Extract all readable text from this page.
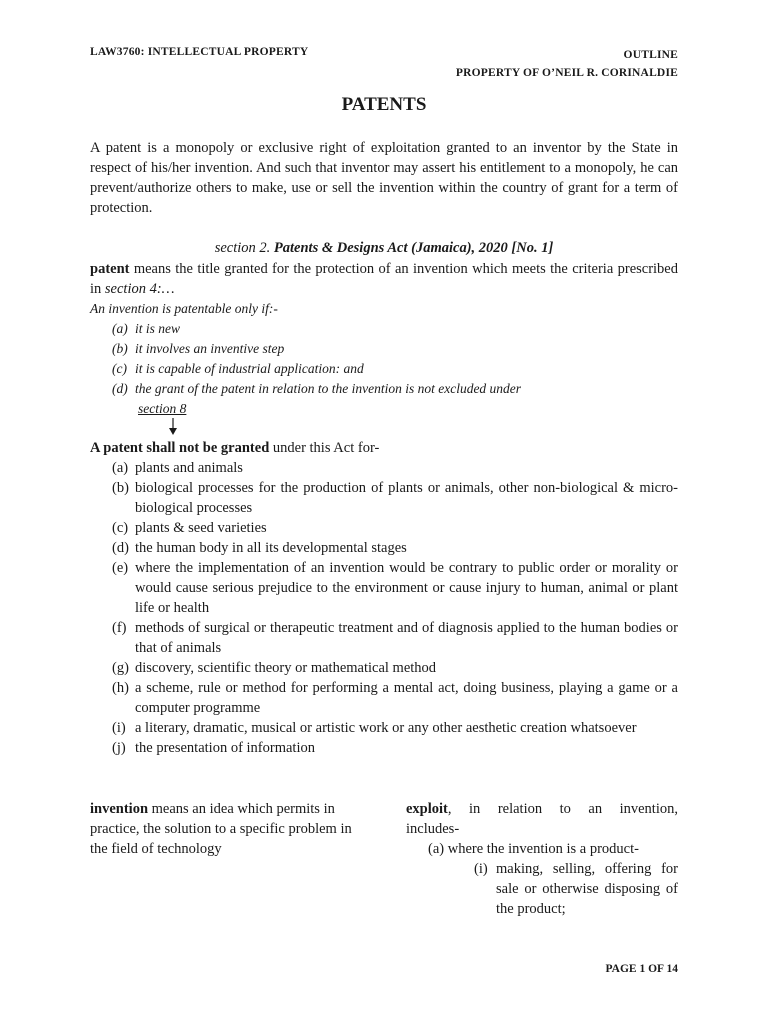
LAW3760: INTELLECTUAL PROPERTY	OUTLINE
PROPERTY OF O’NEIL R. CORINALDIE
PATENTS
A patent is a monopoly or exclusive right of exploitation granted to an inventor by the State in respect of his/her invention. And such that inventor may assert his entitlement to a monopoly, he can prevent/authorize others to make, use or sell the invention within the country of grant for a term of protection.
section 2. Patents & Designs Act (Jamaica), 2020 [No. 1]
patent means the title granted for the protection of an invention which meets the criteria prescribed in section 4:…
An invention is patentable only if:-
(a) it is new
(b) it involves an inventive step
(c) it is capable of industrial application: and
(d) the grant of the patent in relation to the invention is not excluded under
section 8
A patent shall not be granted under this Act for-
(a) plants and animals
(b) biological processes for the production of plants or animals, other non-biological & micro-biological processes
(c) plants & seed varieties
(d) the human body in all its developmental stages
(e) where the implementation of an invention would be contrary to public order or morality or would cause serious prejudice to the environment or cause injury to human, animal or plant life or health
(f) methods of surgical or therapeutic treatment and of diagnosis applied to the human bodies or that of animals
(g) discovery, scientific theory or mathematical method
(h) a scheme, rule or method for performing a mental act, doing business, playing a game or a computer programme
(i) a literary, dramatic, musical or artistic work or any other aesthetic creation whatsoever
(j) the presentation of information
invention means an idea which permits in practice, the solution to a specific problem in the field of technology
exploit, in relation to an invention,
includes-
(a) where the invention is a product-
(i) making, selling, offering for sale or otherwise disposing of the product;
PAGE 1 OF 14
